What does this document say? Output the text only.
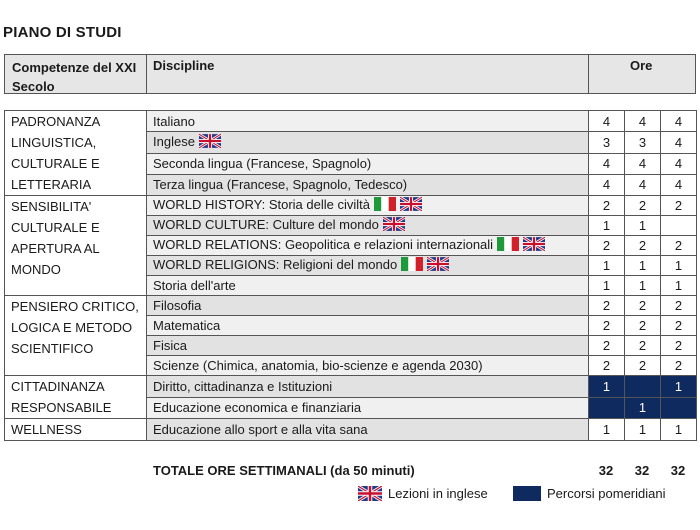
PIANO DI STUDI
Competenze del XXI Secolo
Discipline	Ore
PADRONANZA LINGUISTICA, CULTURALE E LETTERARIA	Italiano	4	4	4
	Inglese	3	3	4
	Seconda lingua (Francese, Spagnolo)	4	4	4
	Terza lingua (Francese, Spagnolo, Tedesco)	4	4	4
SENSIBILITA' CULTURALE E APERTURA AL MONDO	WORLD HISTORY: Storia delle civiltà	2	2	2
	WORLD CULTURE: Culture del mondo	1	1	
	WORLD RELATIONS: Geopolitica e relazioni internazionali	2	2	2
	WORLD RELIGIONS: Religioni del mondo	1	1	1
	Storia dell'arte	1	1	1
PENSIERO CRITICO, LOGICA E METODO SCIENTIFICO	Filosofia	2	2	2
	Matematica	2	2	2
	Fisica	2	2	2
	Scienze (Chimica, anatomia, bio-scienze e agenda 2030)	2	2	2
CITTADINANZA RESPONSABILE	Diritto, cittadinanza e Istituzioni	1		1
	Educazione economica e finanziaria		1	
WELLNESS	Educazione allo sport e alla vita sana	1	1	1
TOTALE ORE SETTIMANALI (da 50 minuti)	32	32	32
Lezioni in inglese	Percorsi pomeridiani
